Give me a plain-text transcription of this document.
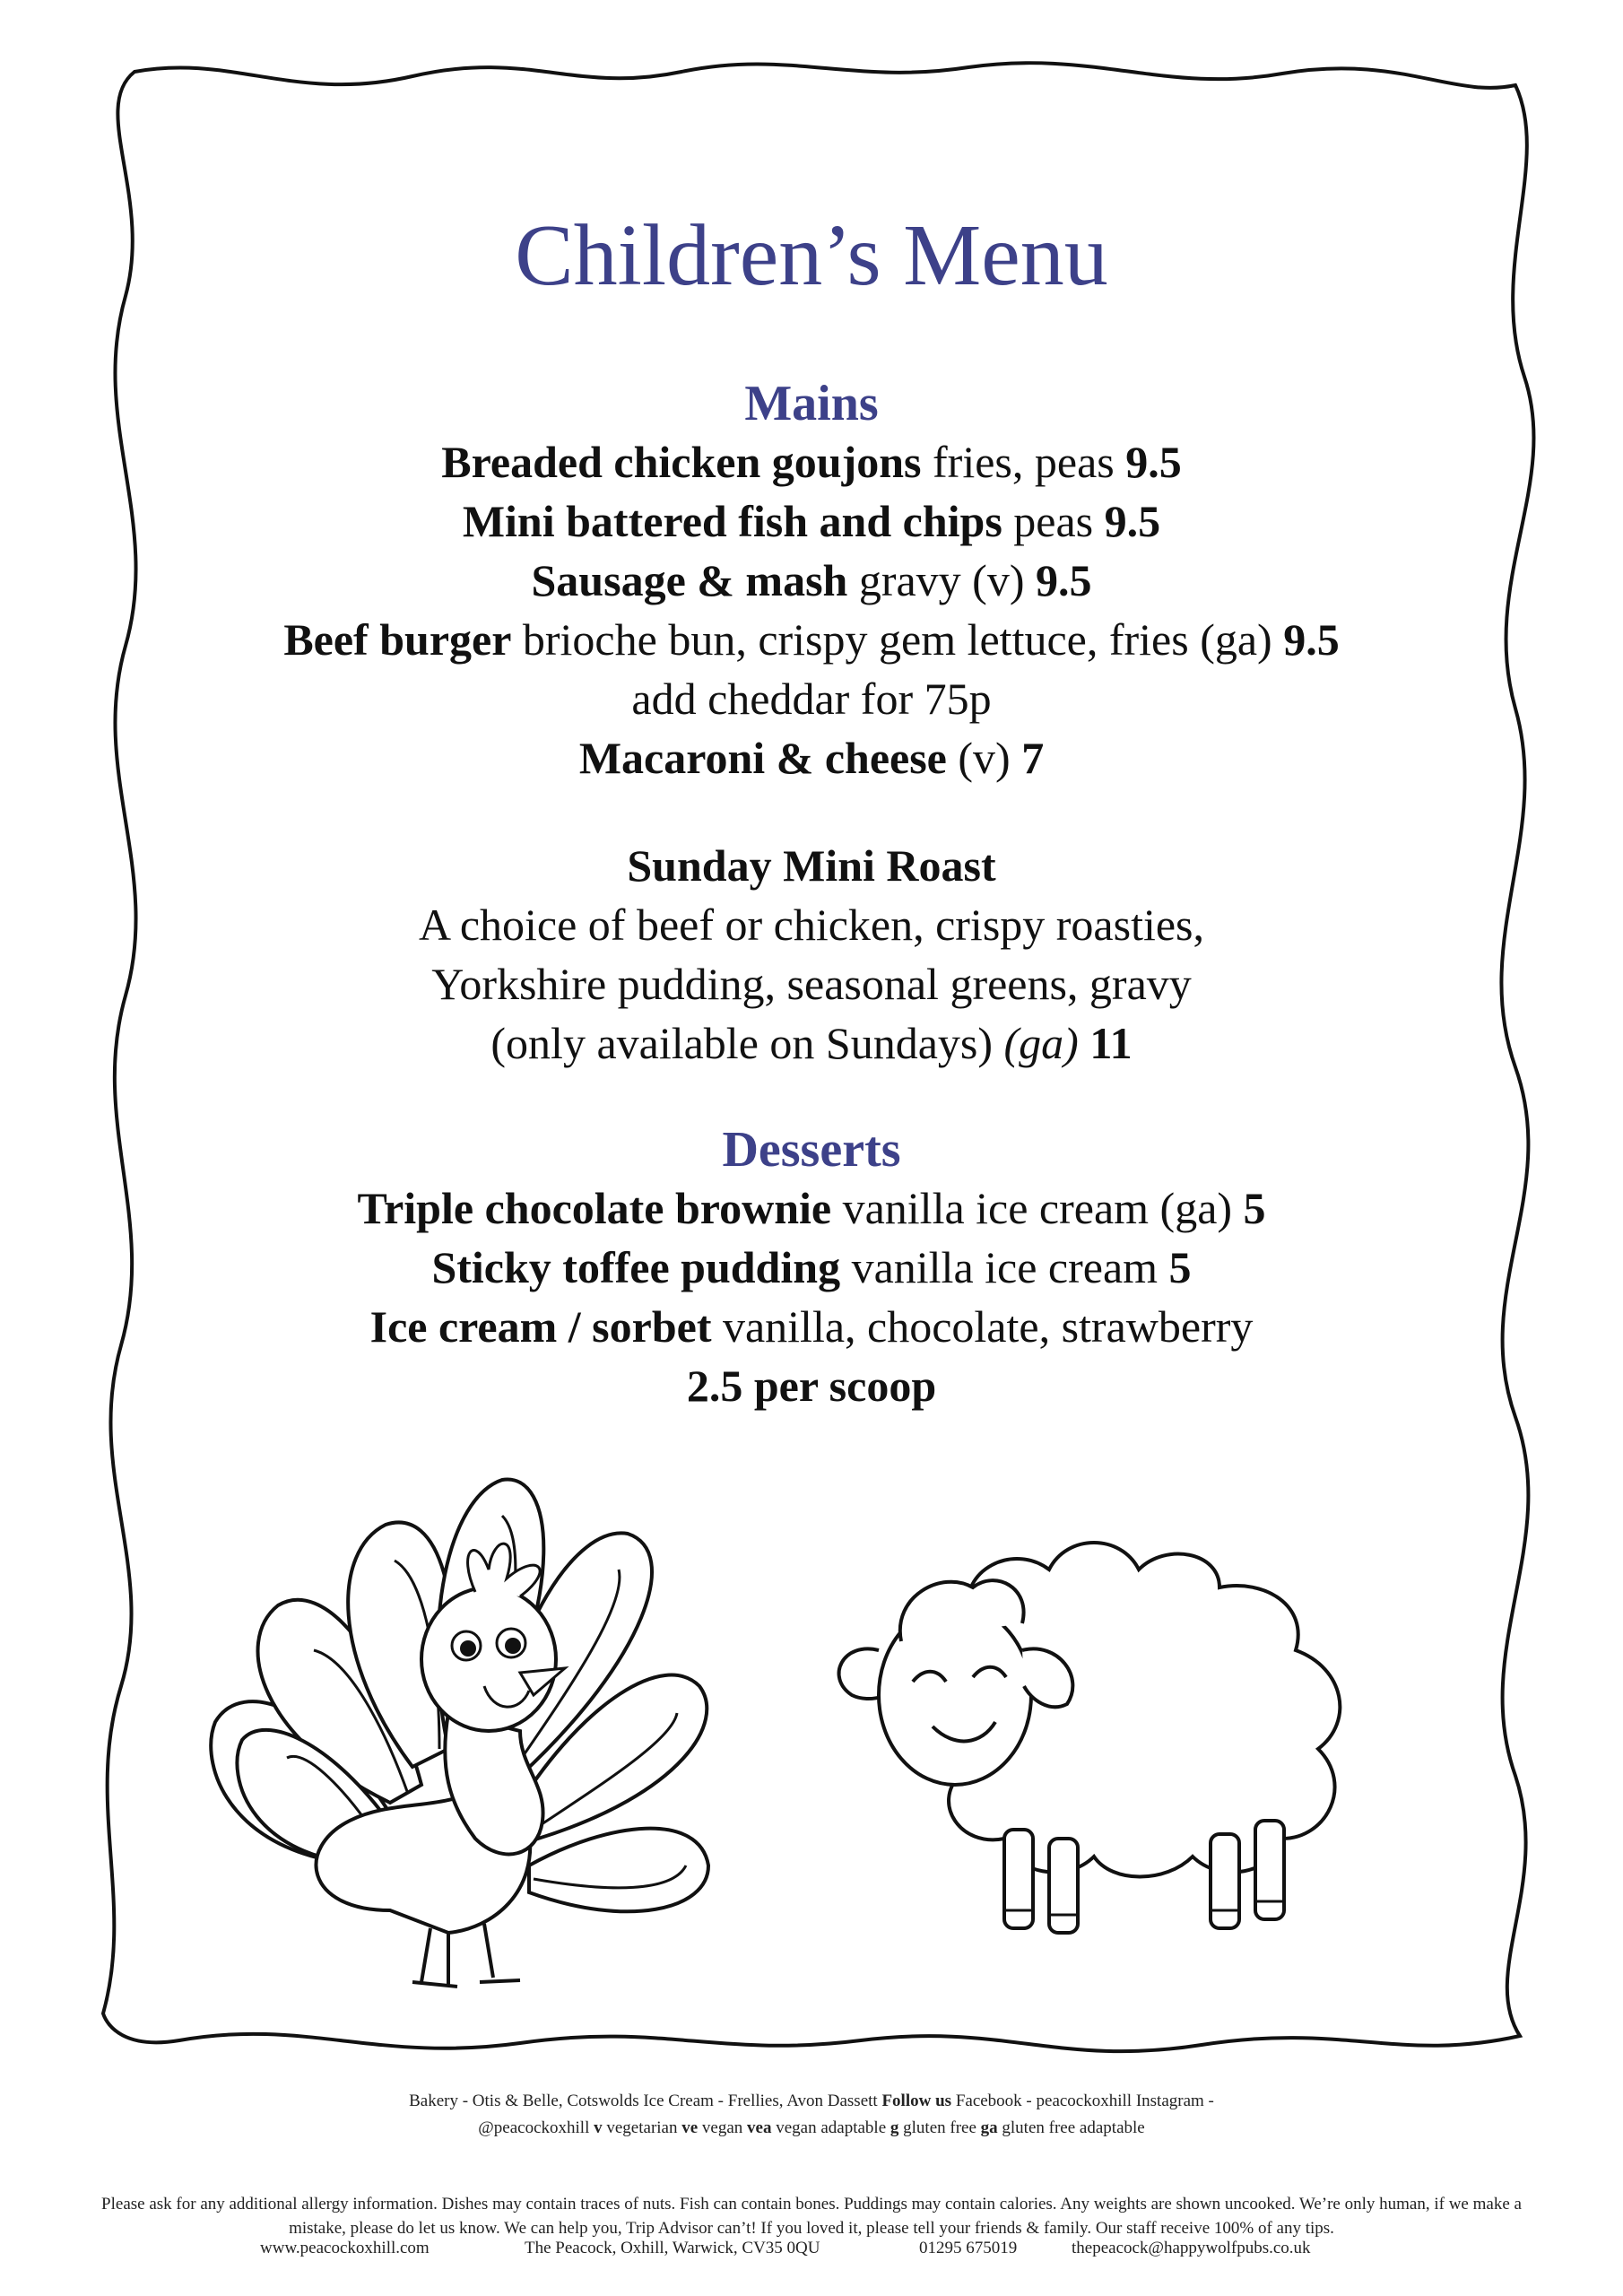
Children’s Menu
Mains

Breaded chicken goujons fries, peas 9.5

Mini battered fish and chips peas 9.5

Sausage & mash gravy (v) 9.5

Beef burger brioche bun, crispy gem lettuce, fries (ga) 9.5

add cheddar for 75p

Macaroni & cheese (v) 7

Sunday Mini Roast

A choice of beef or chicken, crispy roasties,

Yorkshire pudding, seasonal greens, gravy

(only available on Sundays) (ga) 11

Desserts

Triple chocolate brownie vanilla ice cream (ga) 5

Sticky toffee pudding vanilla ice cream 5

Ice cream / sorbet vanilla, chocolate, strawberry

2.5 per scoop

Bakery - Otis & Belle, Cotswolds Ice Cream - Frellies, Avon Dassett Follow us Facebook - peacockoxhill Instagram -
@peacockoxhill v vegetarian ve vegan vea vegan adaptable g gluten free ga gluten free adaptable
Please ask for any additional allergy information. Dishes may contain traces of nuts. Fish can contain bones. Puddings may contain calories. Any weights are shown uncooked. We’re only human, if we make a
mistake, please do let us know. We can help you, Trip Advisor can’t! If you loved it, please tell your friends & family. Our staff receive 100% of any tips.
www.peacockoxhill.com	The Peacock, Oxhill, Warwick, CV35 0QU	01295 675019	thepeacock@happywolfpubs.co.uk
